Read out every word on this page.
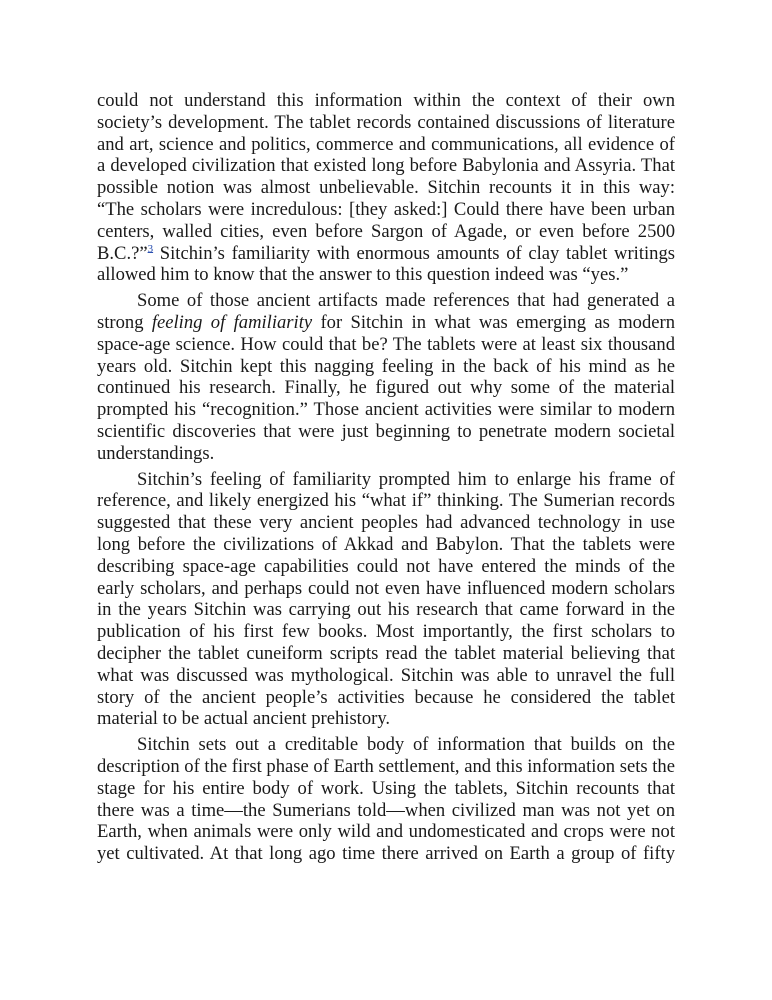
could not understand this information within the context of their own society’s development. The tablet records contained discussions of literature and art, science and politics, commerce and communications, all evidence of a developed civilization that existed long before Babylonia and Assyria. That possible notion was almost unbelievable. Sitchin recounts it in this way: “The scholars were incredulous: [they asked:] Could there have been urban centers, walled cities, even before Sargon of Agade, or even before 2500 B.C.?”$^3$ Sitchin’s familiarity with enormous amounts of clay tablet writings allowed him to know that the answer to this question indeed was “yes.”

Some of those ancient artifacts made references that had generated a strong feeling of familiarity for Sitchin in what was emerging as modern space-age science. How could that be? The tablets were at least six thousand years old. Sitchin kept this nagging feeling in the back of his mind as he continued his research. Finally, he figured out why some of the material prompted his “recognition.” Those ancient activities were similar to modern scientific discoveries that were just beginning to penetrate modern societal understandings.

Sitchin’s feeling of familiarity prompted him to enlarge his frame of reference, and likely energized his “what if” thinking. The Sumerian records suggested that these very ancient peoples had advanced technology in use long before the civilizations of Akkad and Babylon. That the tablets were describing space-age capabilities could not have entered the minds of the early scholars, and perhaps could not even have influenced modern scholars in the years Sitchin was carrying out his research that came forward in the publication of his first few books. Most importantly, the first scholars to decipher the tablet cuneiform scripts read the tablet material believing that what was discussed was mythological. Sitchin was able to unravel the full story of the ancient people’s activities because he considered the tablet material to be actual ancient prehistory.

Sitchin sets out a creditable body of information that builds on the description of the first phase of Earth settlement, and this information sets the stage for his entire body of work. Using the tablets, Sitchin recounts that there was a time—the Sumerians told—when civilized man was not yet on Earth, when animals were only wild and undomesticated and crops were not yet cultivated. At that long ago time there arrived on Earth a group of fifty
